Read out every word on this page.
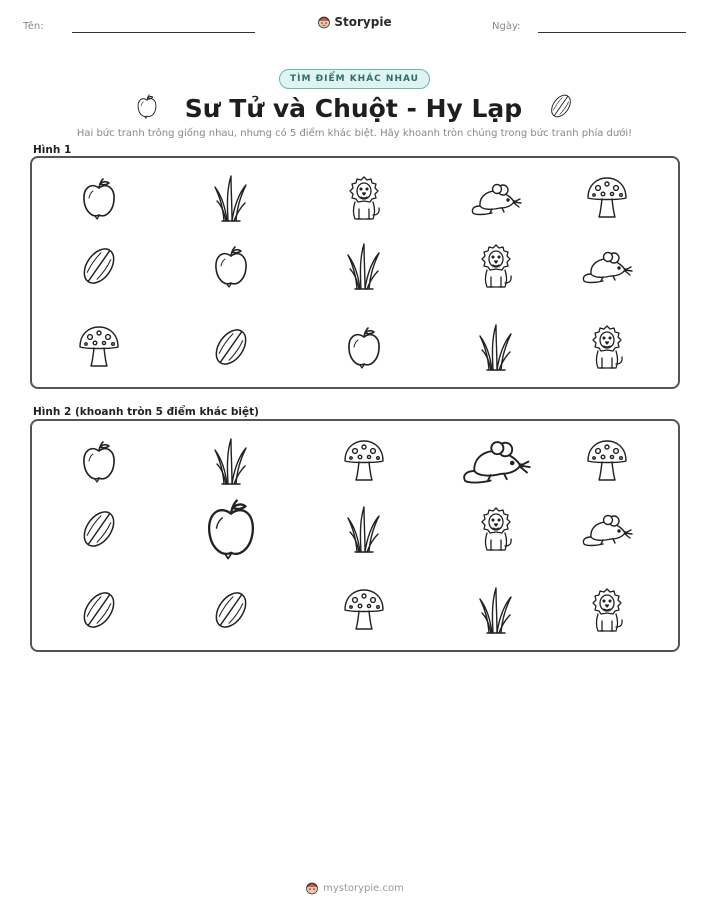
Tên:	Ngày:
Storypie
TÌM ĐIỂM KHÁC NHAU
Sư Tử và Chuột - Hy Lạp
Hai bức tranh trông giống nhau, nhưng có 5 điểm khác biệt. Hãy khoanh tròn chúng trong bức tranh phía dưới!
Hình 1
Hình 2 (khoanh tròn 5 điểm khác biệt)
mystorypie.com
